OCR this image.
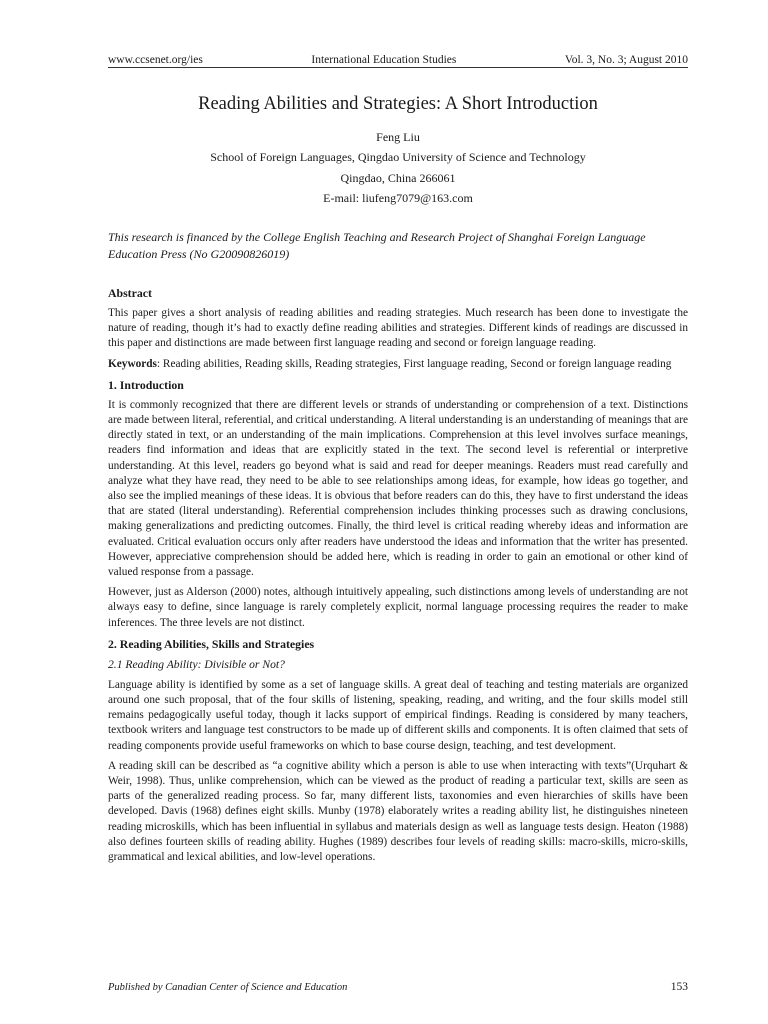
www.ccsenet.org/ies	International Education Studies	Vol. 3, No. 3; August 2010
Reading Abilities and Strategies: A Short Introduction
Feng Liu
School of Foreign Languages, Qingdao University of Science and Technology
Qingdao, China 266061
E-mail: liufeng7079@163.com
This research is financed by the College English Teaching and Research Project of Shanghai Foreign Language Education Press (No G20090826019)
Abstract

This paper gives a short analysis of reading abilities and reading strategies. Much research has been done to investigate the nature of reading, though it’s had to exactly define reading abilities and strategies. Different kinds of readings are discussed in this paper and distinctions are made between first language reading and second or foreign language reading.

Keywords: Reading abilities, Reading skills, Reading strategies, First language reading, Second or foreign language reading

1. Introduction

It is commonly recognized that there are different levels or strands of understanding or comprehension of a text. Distinctions are made between literal, referential, and critical understanding. A literal understanding is an understanding of meanings that are directly stated in text, or an understanding of the main implications. Comprehension at this level involves surface meanings, readers find information and ideas that are explicitly stated in the text. The second level is referential or interpretive understanding. At this level, readers go beyond what is said and read for deeper meanings. Readers must read carefully and analyze what they have read, they need to be able to see relationships among ideas, for example, how ideas go together, and also see the implied meanings of these ideas. It is obvious that before readers can do this, they have to first understand the ideas that are stated (literal understanding). Referential comprehension includes thinking processes such as drawing conclusions, making generalizations and predicting outcomes. Finally, the third level is critical reading whereby ideas and information are evaluated. Critical evaluation occurs only after readers have understood the ideas and information that the writer has presented. However, appreciative comprehension should be added here, which is reading in order to gain an emotional or other kind of valued response from a passage.

However, just as Alderson (2000) notes, although intuitively appealing, such distinctions among levels of understanding are not always easy to define, since language is rarely completely explicit, normal language processing requires the reader to make inferences. The three levels are not distinct.

2. Reading Abilities, Skills and Strategies
2.1 Reading Ability: Divisible or Not?

Language ability is identified by some as a set of language skills. A great deal of teaching and testing materials are organized around one such proposal, that of the four skills of listening, speaking, reading, and writing, and the four skills model still remains pedagogically useful today, though it lacks support of empirical findings. Reading is considered by many teachers, textbook writers and language test constructors to be made up of different skills and components. It is often claimed that sets of reading components provide useful frameworks on which to base course design, teaching, and test development.

A reading skill can be described as “a cognitive ability which a person is able to use when interacting with texts”(Urquhart & Weir, 1998). Thus, unlike comprehension, which can be viewed as the product of reading a particular text, skills are seen as parts of the generalized reading process. So far, many different lists, taxonomies and even hierarchies of skills have been developed. Davis (1968) defines eight skills. Munby (1978) elaborately writes a reading ability list, he distinguishes nineteen reading microskills, which has been influential in syllabus and materials design as well as language tests design. Heaton (1988) also defines fourteen skills of reading ability. Hughes (1989) describes four levels of reading skills: macro-skills, micro-skills, grammatical and lexical abilities, and low-level operations.

Published by Canadian Center of Science and Education	153
